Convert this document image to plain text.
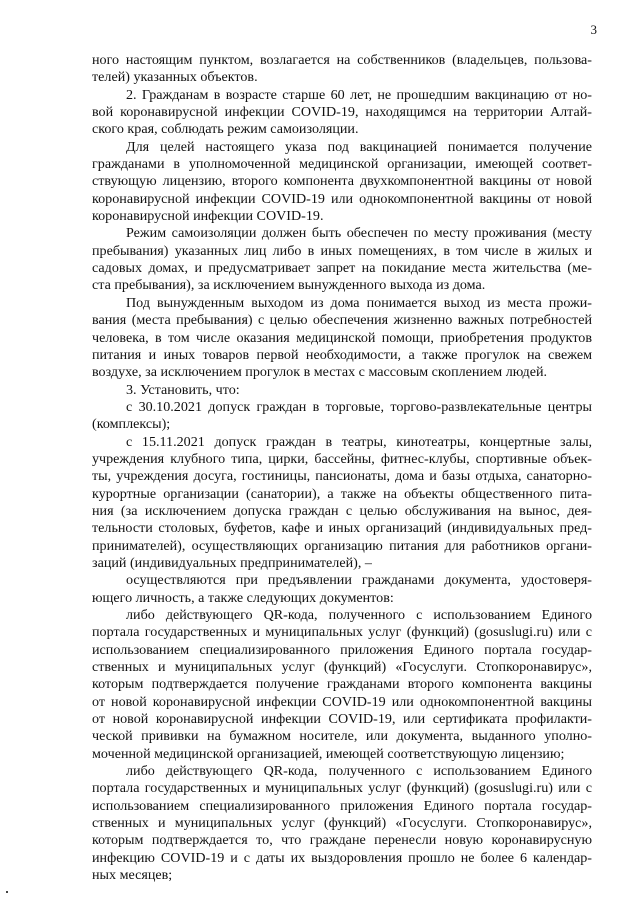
3

ного настоящим пунктом, возлагается на собственников (владельцев, пользова-
телей) указанных объектов.

2. Гражданам в возрасте старше 60 лет, не прошедшим вакцинацию от но-
вой коронавирусной инфекции COVID-19, находящимся на территории Алтай-
ского края, соблюдать режим самоизоляции.

Для целей настоящего указа под вакцинацией понимается получение
гражданами в уполномоченной медицинской организации, имеющей соответ-
ствующую лицензию, второго компонента двухкомпонентной вакцины от новой
коронавирусной инфекции COVID-19 или однокомпонентной вакцины от новой
коронавирусной инфекции COVID-19.

Режим самоизоляции должен быть обеспечен по месту проживания (месту
пребывания) указанных лиц либо в иных помещениях, в том числе в жилых и
садовых домах, и предусматривает запрет на покидание места жительства (ме-
ста пребывания), за исключением вынужденного выхода из дома.

Под вынужденным выходом из дома понимается выход из места прожи-
вания (места пребывания) с целью обеспечения жизненно важных потребностей
человека, в том числе оказания медицинской помощи, приобретения продуктов
питания и иных товаров первой необходимости, а также прогулок на свежем
воздухе, за исключением прогулок в местах с массовым скоплением людей.

3. Установить, что:

с 30.10.2021 допуск граждан в торговые, торгово-развлекательные центры
(комплексы);

с 15.11.2021 допуск граждан в театры, кинотеатры, концертные залы,
учреждения клубного типа, цирки, бассейны, фитнес-клубы, спортивные объек-
ты, учреждения досуга, гостиницы, пансионаты, дома и базы отдыха, санаторно-
курортные организации (санатории), а также на объекты общественного пита-
ния (за исключением допуска граждан с целью обслуживания на вынос, дея-
тельности столовых, буфетов, кафе и иных организаций (индивидуальных пред-
принимателей), осуществляющих организацию питания для работников органи-
заций (индивидуальных предпринимателей), –

осуществляются при предъявлении гражданами документа, удостоверя-
ющего личность, а также следующих документов:

либо действующего QR-кода, полученного с использованием Единого
портала государственных и муниципальных услуг (функций) (gosuslugi.ru) или с
использованием специализированного приложения Единого портала государ-
ственных и муниципальных услуг (функций) «Госуслуги. Стопкоронавирус»,
которым подтверждается получение гражданами второго компонента вакцины
от новой коронавирусной инфекции COVID-19 или однокомпонентной вакцины
от новой коронавирусной инфекции COVID-19, или сертификата профилакти-
ческой прививки на бумажном носителе, или документа, выданного уполно-
моченной медицинской организацией, имеющей соответствующую лицензию;

либо действующего QR-кода, полученного с использованием Единого
портала государственных и муниципальных услуг (функций) (gosuslugi.ru) или с
использованием специализированного приложения Единого портала государ-
ственных и муниципальных услуг (функций) «Госуслуги. Стопкоронавирус»,
которым подтверждается то, что граждане перенесли новую коронавирусную
инфекцию COVID-19 и с даты их выздоровления прошло не более 6 календар-
ных месяцев;
